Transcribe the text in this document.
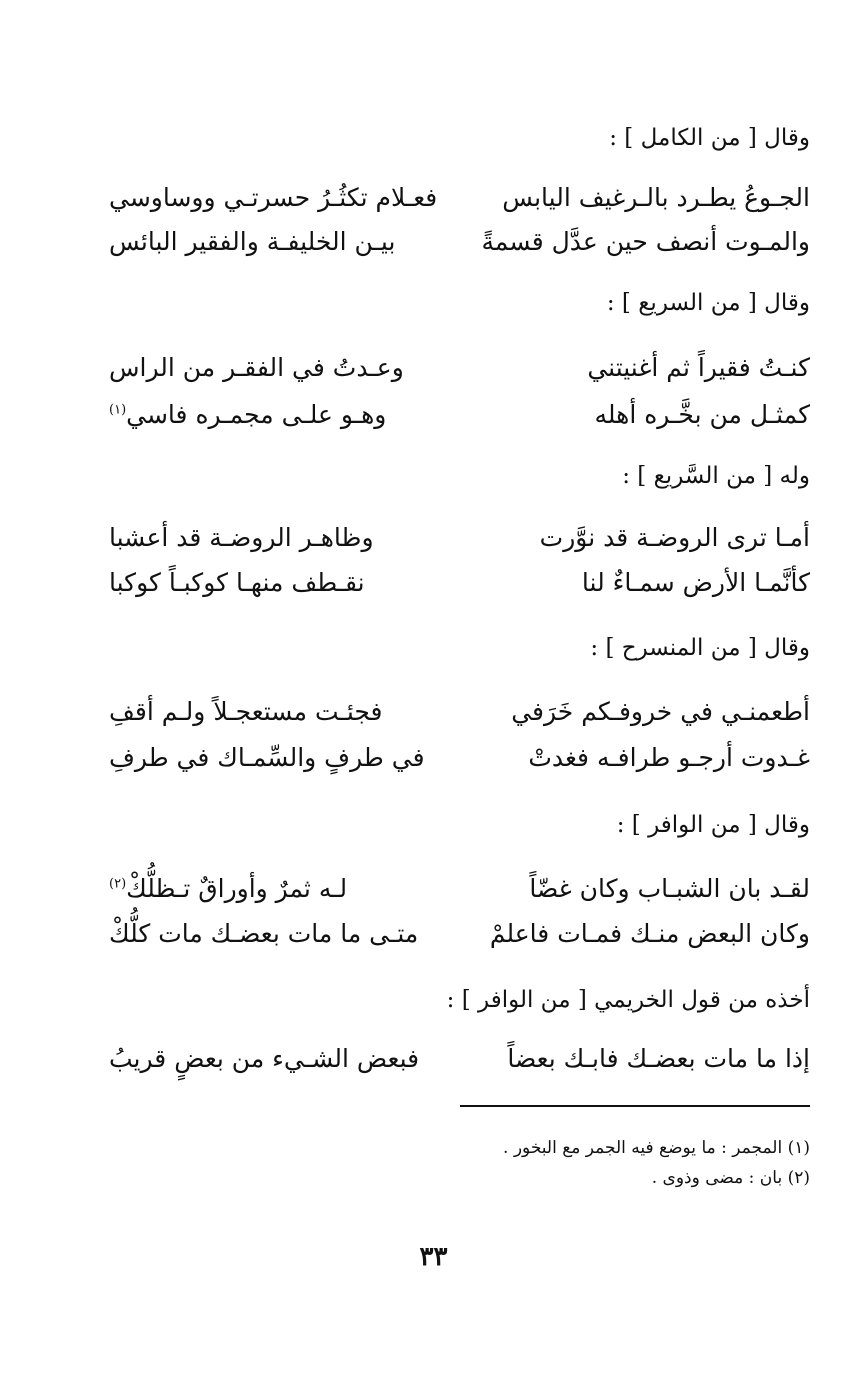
وقال [ من الكامل ] :
الجـوعُ يطـرد بالـرغيف اليابس
فعـلام تكثُـرُ حسرتـي ووساوسي
والمـوت أنصف حين عدَّل قسمةً
بيـن الخليفـة والفقير البائس
وقال [ من السريع ] :
كنـتُ فقيراً ثم أغنيتني
وعـدتُ في الفقـر من الراس
كمثـل من بخَّـره أهله
وهـو علـى مجمـره فاسي$^{(١)}$
وله [ من السَّريع ] :
أمـا ترى الروضـة قد نوَّرت
وظاهـر الروضـة قد أعشبا
كأنَّمـا الأرض سمـاءٌ لنا
نقـطف منهـا كوكبـاً كوكبا
وقال [ من المنسرح ] :
أطعمنـي في خروفـكم خَرَفي
فجئـت مستعجـلاً ولـم أقفِ
غـدوت أرجـو طرافـه فغدتْ
في طرفٍ والسِّمـاك في طرفِ
وقال [ من الوافر ] :
لقـد بان الشبـاب وكان غضّاً
لـه ثمرٌ وأوراقٌ تـظلُّكْ$^{(٢)}$
وكان البعض منـك فمـات فاعلمْ
متـى ما مات بعضـك مات كلُّكْ
أخذه من قول الخريمي [ من الوافر ] :
إذا ما مات بعضـك فابـك بعضاً
فبعض الشـيء من بعضٍ قريبُ
(١) المجمر : ما يوضع فيه الجمر مع البخور .
(٢) بان : مضى وذوى .
٣٣
